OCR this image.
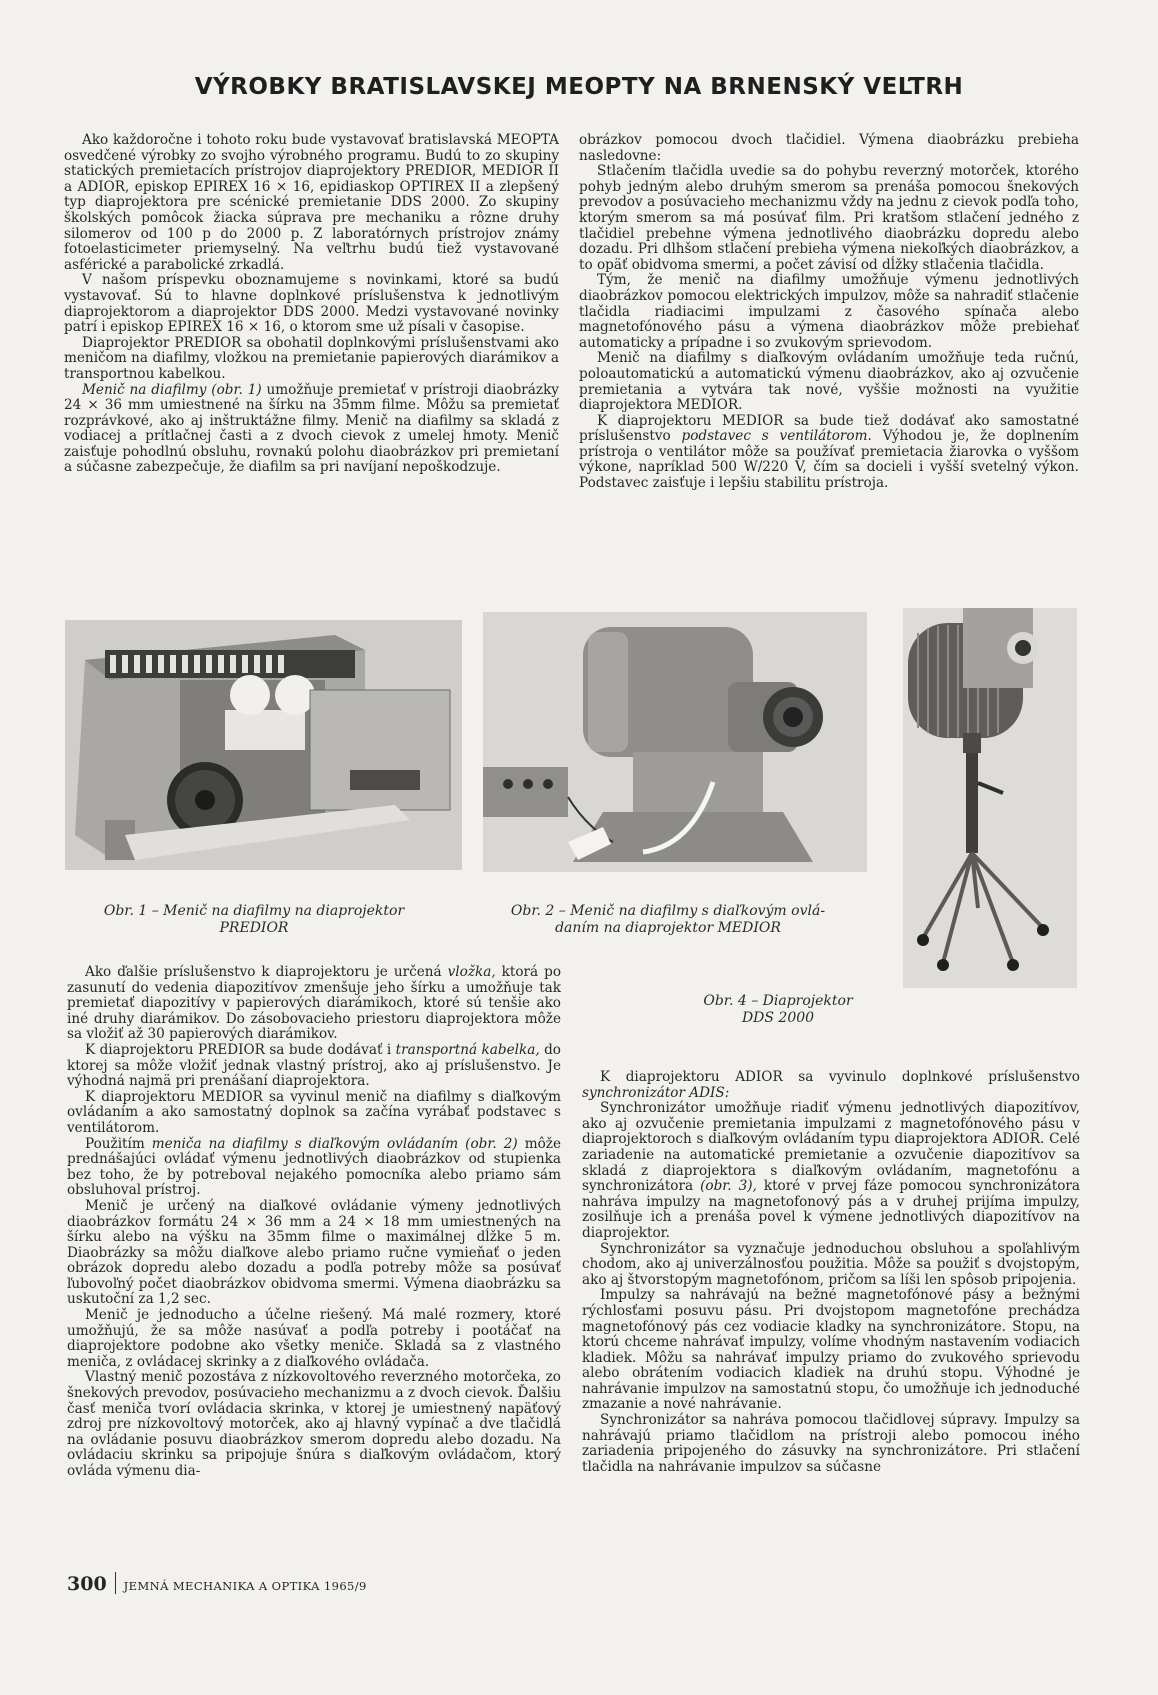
VÝROBKY BRATISLAVSKEJ MEOPTY NA BRNENSKÝ VEĽTRH

Ako každoročne i tohoto roku bude vystavovať bratislavská MEOPTA osvedčené výrobky zo svojho výrobného programu. Budú to zo skupiny statických premietacích prístrojov diaprojektory PREDIOR, MEDIOR II a ADIOR, episkop EPIREX 16 × 16, epidiaskop OPTIREX II a zlepšený typ diaprojektora pre scénické premietanie DDS 2000. Zo skupiny školských pomôcok žiacka súprava pre mechaniku a rôzne druhy silomerov od 100 p do 2000 p. Z laboratórnych prístrojov známy fotoelasticimeter priemyselný. Na veľtrhu budú tiež vystavované asférické a parabolické zrkadlá.

V našom príspevku oboznamujeme s novinkami, ktoré sa budú vystavovať. Sú to hlavne doplnkové príslušenstva k jednotlivým diaprojektorom a diaprojektor DDS 2000. Medzi vystavované novinky patrí i episkop EPIREX 16 × 16, o ktorom sme už písali v časopise.

Diaprojektor PREDIOR sa obohatil doplnkovými príslušenstvami ako meničom na diafilmy, vložkou na premietanie papierových diarámikov a transportnou kabelkou.

Menič na diafilmy (obr. 1) umožňuje premietať v prístroji diaobrázky 24 × 36 mm umiestnené na šírku na 35mm filme. Môžu sa premietať rozprávkové, ako aj inštruktážne filmy. Menič na diafilmy sa skladá z vodiacej a prítlačnej časti a z dvoch cievok z umelej hmoty. Menič zaisťuje pohodlnú obsluhu, rovnakú polohu diaobrázkov pri premietaní a súčasne zabezpečuje, že diafilm sa pri navíjaní nepoškodzuje.

obrázkov pomocou dvoch tlačidiel. Výmena diaobrázku prebieha nasledovne:

Stlačením tlačidla uvedie sa do pohybu reverzný motorček, ktorého pohyb jedným alebo druhým smerom sa prenáša pomocou šnekových prevodov a posúvacieho mechanizmu vždy na jednu z cievok podľa toho, ktorým smerom sa má posúvať film. Pri kratšom stlačení jedného z tlačidiel prebehne výmena jednotlivého diaobrázku dopredu alebo dozadu. Pri dlhšom stlačení prebieha výmena niekoľkých diaobrázkov, a to opäť obidvoma smermi, a počet závisí od dĺžky stlačenia tlačidla.

Tým, že menič na diafilmy umožňuje výmenu jednotlivých diaobrázkov pomocou elektrických impulzov, môže sa nahradiť stlačenie tlačidla riadiacimi impulzami z časového spínača alebo magnetofónového pásu a výmena diaobrázkov môže prebiehať automaticky a prípadne i so zvukovým sprievodom.

Menič na diafilmy s diaľkovým ovládaním umožňuje teda ručnú, poloautomatickú a automatickú výmenu diaobrázkov, ako aj ozvučenie premietania a vytvára tak nové, vyššie možnosti na využitie diaprojektora MEDIOR.

K diaprojektoru MEDIOR sa bude tiež dodávať ako samostatné príslušenstvo podstavec s ventilátorom. Výhodou je, že doplnením prístroja o ventilátor môže sa používať premietacia žiarovka o vyššom výkone, napríklad 500 W/220 V, čím sa docieli i vyšší svetelný výkon. Podstavec zaisťuje i lepšiu stabilitu prístroja.

Obr. 1 – Menič na diafilmy na diaprojektor
PREDIOR
Obr. 2 – Menič na diafilmy s diaľkovým ovlá-
daním na diaprojektor MEDIOR
Obr. 4 – Diaprojektor
DDS 2000

Ako ďalšie príslušenstvo k diaprojektoru je určená vložka, ktorá po zasunutí do vedenia diapozitívov zmenšuje jeho šírku a umožňuje tak premietať diapozitívy v papierových diarámikoch, ktoré sú tenšie ako iné druhy diarámikov. Do zásobovacieho priestoru diaprojektora môže sa vložiť až 30 papierových diarámikov.

K diaprojektoru PREDIOR sa bude dodávať i transportná kabelka, do ktorej sa môže vložiť jednak vlastný prístroj, ako aj príslušenstvo. Je výhodná najmä pri prenášaní diaprojektora.

K diaprojektoru MEDIOR sa vyvinul menič na diafilmy s diaľkovým ovládaním a ako samostatný doplnok sa začína vyrábať podstavec s ventilátorom.

Použitím meniča na diafilmy s diaľkovým ovládaním (obr. 2) môže prednášajúci ovládať výmenu jednotlivých diaobrázkov od stupienka bez toho, že by potreboval nejakého pomocníka alebo priamo sám obsluhoval prístroj.

Menič je určený na diaľkové ovládanie výmeny jednotlivých diaobrázkov formátu 24 × 36 mm a 24 × 18 mm umiestnených na šírku alebo na výšku na 35mm filme o maximálnej dĺžke 5 m. Diaobrázky sa môžu diaľkove alebo priamo ručne vymieňať o jeden obrázok dopredu alebo dozadu a podľa potreby môže sa posúvať ľubovoľný počet diaobrázkov obidvoma smermi. Výmena diaobrázku sa uskutoční za 1,2 sec.

Menič je jednoducho a účelne riešený. Má malé rozmery, ktoré umožňujú, že sa môže nasúvať a podľa potreby i pootáčať na diaprojektore podobne ako všetky meniče. Skladá sa z vlastného meniča, z ovládacej skrinky a z diaľkového ovládača.

Vlastný menič pozostáva z nízkovoltového reverzného motorčeka, zo šnekových prevodov, posúvacieho mechanizmu a z dvoch cievok. Ďalšiu časť meniča tvorí ovládacia skrinka, v ktorej je umiestnený napäťový zdroj pre nízkovoltový motorček, ako aj hlavný vypínač a dve tlačidlá na ovládanie posuvu diaobrázkov smerom dopredu alebo dozadu. Na ovládaciu skrinku sa pripojuje šnúra s diaľkovým ovládačom, ktorý ovláda výmenu dia-

K diaprojektoru ADIOR sa vyvinulo doplnkové príslušenstvo synchronizátor ADIS:

Synchronizátor umožňuje riadiť výmenu jednotlivých diapozitívov, ako aj ozvučenie premietania impulzami z magnetofónového pásu v diaprojektoroch s diaľkovým ovládaním typu diaprojektora ADIOR. Celé zariadenie na automatické premietanie a ozvučenie diapozitívov sa skladá z diaprojektora s diaľkovým ovládaním, magnetofónu a synchronizátora (obr. 3), ktoré v prvej fáze pomocou synchronizátora nahráva impulzy na magnetofonový pás a v druhej prijíma impulzy, zosilňuje ich a prenáša povel k výmene jednotlivých diapozitívov na diaprojektor.

Synchronizátor sa vyznačuje jednoduchou obsluhou a spoľahlivým chodom, ako aj univerzálnosťou použitia. Môže sa použiť s dvojstopým, ako aj štvorstopým magnetofónom, pričom sa líši len spôsob pripojenia.

Impulzy sa nahrávajú na bežné magnetofónové pásy a bežnými rýchlosťami posuvu pásu. Pri dvojstopom magnetofóne prechádza magnetofónový pás cez vodiacie kladky na synchronizátore. Stopu, na ktorú chceme nahrávať impulzy, volíme vhodným nastavením vodiacich kladiek. Môžu sa nahrávať impulzy priamo do zvukového sprievodu alebo obrátením vodiacich kladiek na druhú stopu. Výhodné je nahrávanie impulzov na samostatnú stopu, čo umožňuje ich jednoduché zmazanie a nové nahrávanie.

Synchronizátor sa nahráva pomocou tlačidlovej súpravy. Impulzy sa nahrávajú priamo tlačidlom na prístroji alebo pomocou iného zariadenia pripojeného do zásuvky na synchronizátore. Pri stlačení tlačidla na nahrávanie impulzov sa súčasne

300 JEMNÁ MECHANIKA A OPTIKA 1965/9
